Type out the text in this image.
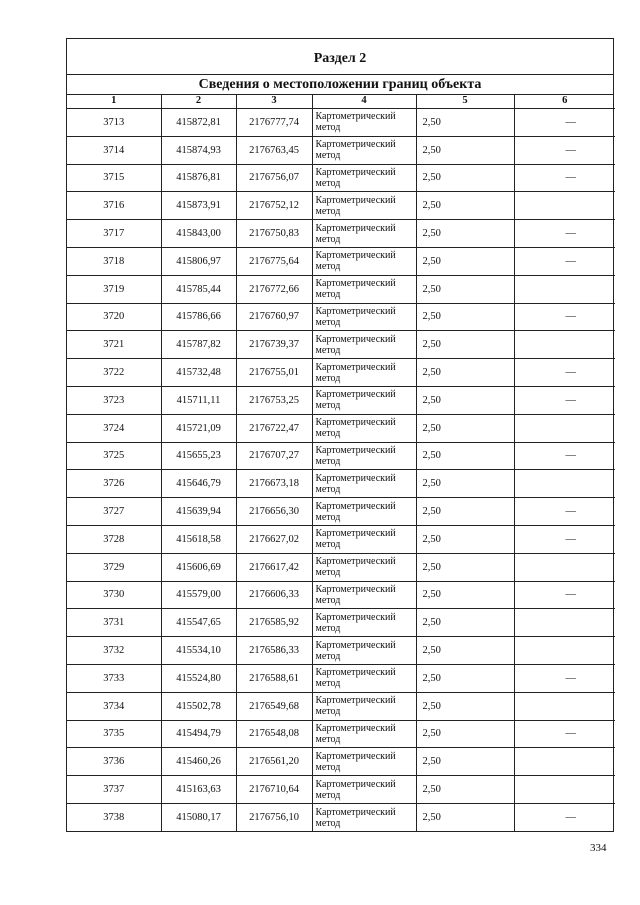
Раздел 2
Сведения о местоположении границ объекта
1	2	3	4	5	6
3713	415872,81	2176777,74	Картометрический метод	2,50	—
3714	415874,93	2176763,45	Картометрический метод	2,50	—
3715	415876,81	2176756,07	Картометрический метод	2,50	—
3716	415873,91	2176752,12	Картометрический метод	2,50	
3717	415843,00	2176750,83	Картометрический метод	2,50	—
3718	415806,97	2176775,64	Картометрический метод	2,50	—
3719	415785,44	2176772,66	Картометрический метод	2,50	
3720	415786,66	2176760,97	Картометрический метод	2,50	—
3721	415787,82	2176739,37	Картометрический метод	2,50	
3722	415732,48	2176755,01	Картометрический метод	2,50	—
3723	415711,11	2176753,25	Картометрический метод	2,50	—
3724	415721,09	2176722,47	Картометрический метод	2,50	
3725	415655,23	2176707,27	Картометрический метод	2,50	—
3726	415646,79	2176673,18	Картометрический метод	2,50	
3727	415639,94	2176656,30	Картометрический метод	2,50	—
3728	415618,58	2176627,02	Картометрический метод	2,50	—
3729	415606,69	2176617,42	Картометрический метод	2,50	
3730	415579,00	2176606,33	Картометрический метод	2,50	—
3731	415547,65	2176585,92	Картометрический метод	2,50	
3732	415534,10	2176586,33	Картометрический метод	2,50	
3733	415524,80	2176588,61	Картометрический метод	2,50	—
3734	415502,78	2176549,68	Картометрический метод	2,50	
3735	415494,79	2176548,08	Картометрический метод	2,50	—
3736	415460,26	2176561,20	Картометрический метод	2,50	
3737	415163,63	2176710,64	Картометрический метод	2,50	
3738	415080,17	2176756,10	Картометрический метод	2,50	—
334
